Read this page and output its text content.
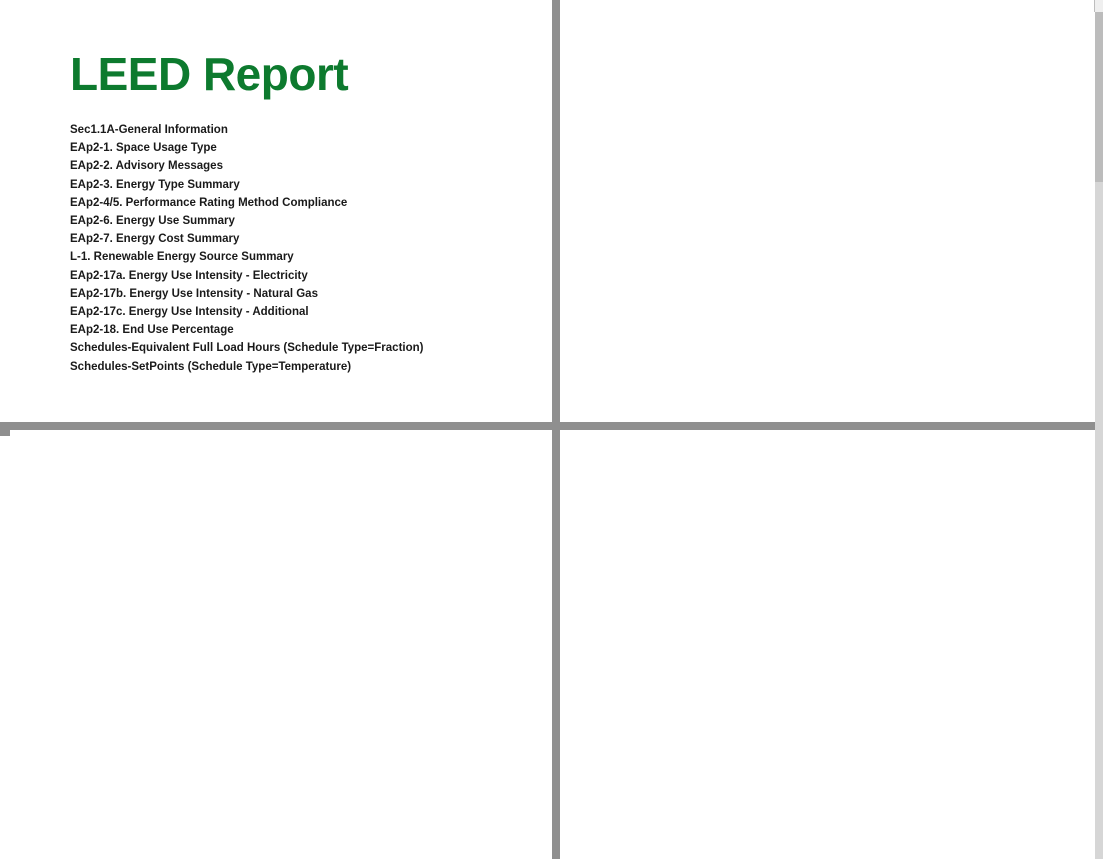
LEED Report
Sec1.1A-General Information
EAp2-1. Space Usage Type
EAp2-2. Advisory Messages
EAp2-3. Energy Type Summary
EAp2-4/5. Performance Rating Method Compliance
EAp2-6. Energy Use Summary
EAp2-7. Energy Cost Summary
L-1. Renewable Energy Source Summary
EAp2-17a. Energy Use Intensity - Electricity
EAp2-17b. Energy Use Intensity - Natural Gas
EAp2-17c. Energy Use Intensity - Additional
EAp2-18. End Use Percentage
Schedules-Equivalent Full Load Hours (Schedule Type=Fraction)
Schedules-SetPoints (Schedule Type=Temperature)
